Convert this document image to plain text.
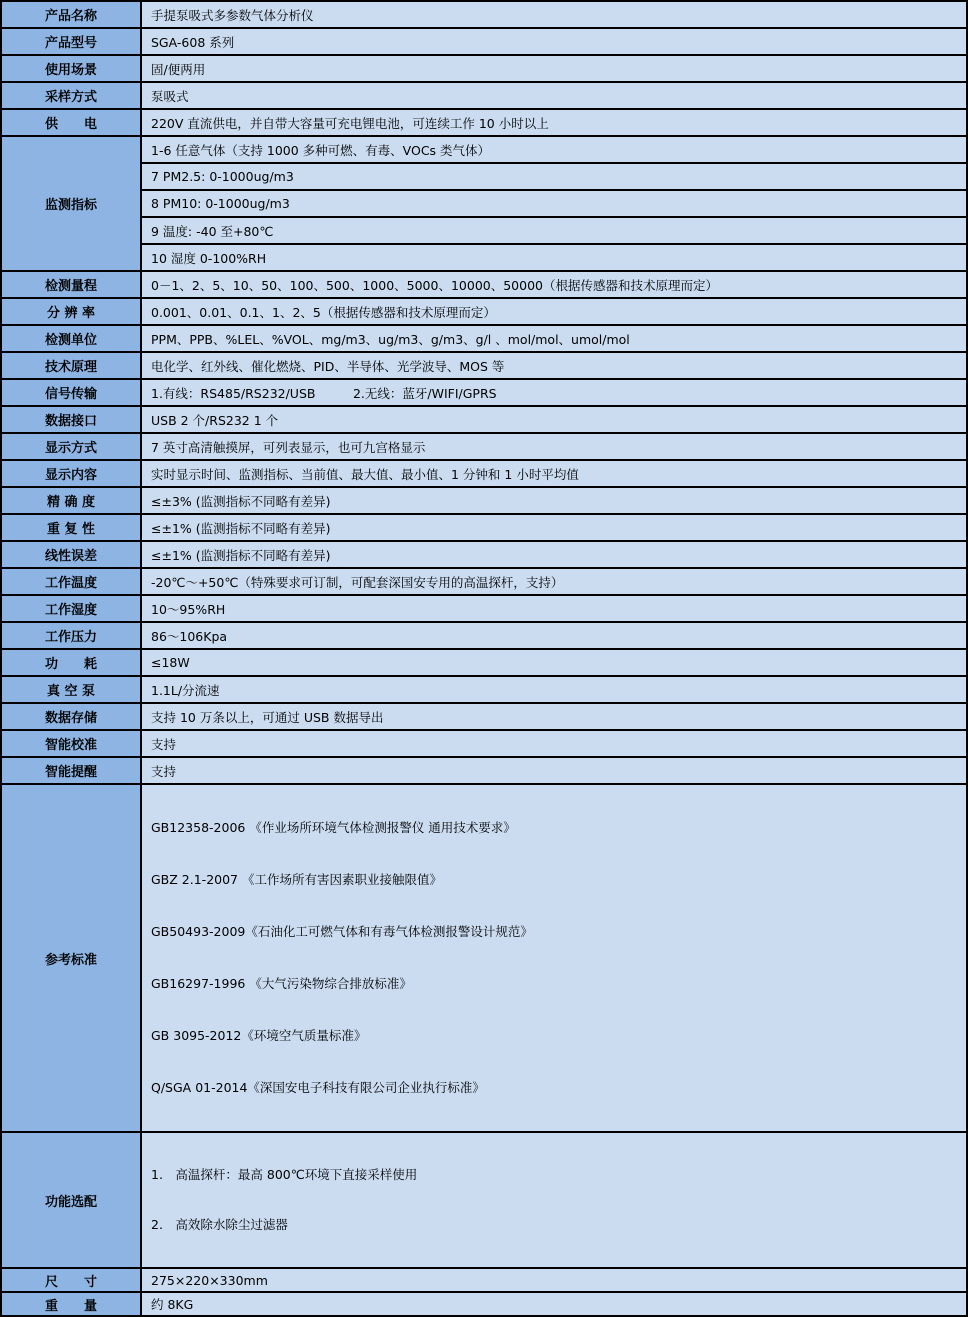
产品名称	手提泵吸式多参数气体分析仪
产品型号	SGA-608 系列
使用场景	固/便两用
采样方式	泵吸式
供　　电	220V 直流供电，并自带大容量可充电锂电池，可连续工作 10 小时以上
监测指标	1-6 任意气体（支持 1000 多种可燃、有毒、VOCs 类气体）
	7 PM2.5: 0-1000ug/m3
	8 PM10: 0-1000ug/m3
	9 温度: -40 至+80℃
	10 湿度 0-100%RH
检测量程	0－1、2、5、10、50、100、500、1000、5000、10000、50000（根据传感器和技术原理而定）
分 辨 率	0.001、0.01、0.1、1、2、5（根据传感器和技术原理而定）
检测单位	PPM、PPB、%LEL、%VOL、mg/m3、ug/m3、g/m3、g/l 、mol/mol、umol/mol
技术原理	电化学、红外线、催化燃烧、PID、半导体、光学波导、MOS 等
信号传输	1.有线：RS485/RS232/USB　　　2.无线：蓝牙/WIFI/GPRS
数据接口	USB 2 个/RS232 1 个
显示方式	7 英寸高清触摸屏，可列表显示，也可九宫格显示
显示内容	实时显示时间、监测指标、当前值、最大值、最小值、1 分钟和 1 小时平均值
精 确 度	≤±3% (监测指标不同略有差异)
重 复 性	≤±1% (监测指标不同略有差异)
线性误差	≤±1% (监测指标不同略有差异)
工作温度	-20℃～+50℃（特殊要求可订制，可配套深国安专用的高温探杆，支持）
工作湿度	10～95%RH
工作压力	86～106Kpa
功　　耗	≤18W
真 空 泵	1.1L/分流速
数据存储	支持 10 万条以上，可通过 USB 数据导出
智能校准	支持
智能提醒	支持
参考标准	

GB12358-2006 《作业场所环境气体检测报警仪 通用技术要求》

GBZ 2.1-2007 《工作场所有害因素职业接触限值》

GB50493-2009《石油化工可燃气体和有毒气体检测报警设计规范》

GB16297-1996 《大气污染物综合排放标准》

GB 3095-2012《环境空气质量标准》

Q/SGA 01-2014《深国安电子科技有限公司企业执行标准》

功能选配	1.　高温探杆：最高 800℃环境下直接采样使用

2.　高效除水除尘过滤器

尺　　寸	275×220×330mm
重　　量	约 8KG
